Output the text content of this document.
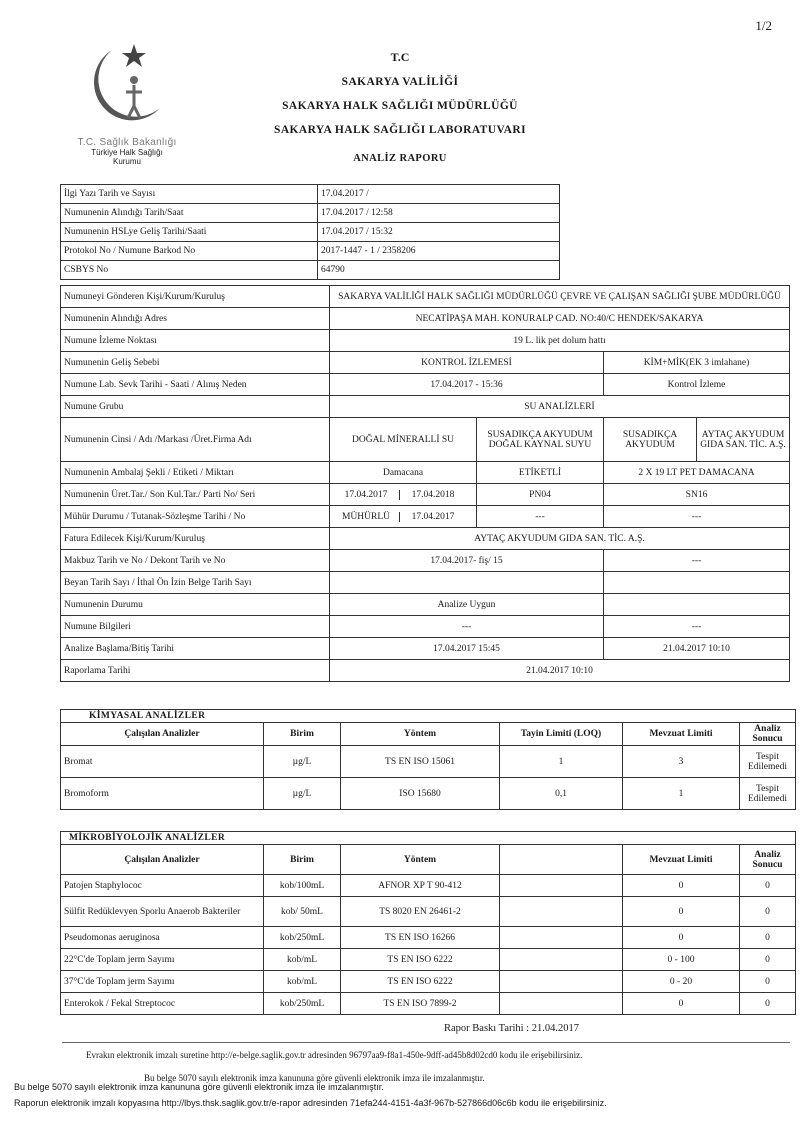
1/2
T.C. Sağlık Bakanlığı
Türkiye Halk Sağlığı
Kurumu
T.C
SAKARYA VALİLİĞİ
SAKARYA HALK SAĞLIĞI MÜDÜRLÜĞÜ
SAKARYA HALK SAĞLIĞI LABORATUVARI
ANALİZ RAPORU
İlgi Yazı Tarih ve Sayısı	17.04.2017 /
Numunenin Alındığı Tarih/Saat	17.04.2017 / 12:58
Numunenin HSLye Geliş Tarihi/Saati	17.04.2017 / 15:32
Protokol No / Numune Barkod No	2017-1447 - 1 / 2358206
CSBYS No	64790
Numuneyi Gönderen Kişi/Kurum/Kuruluş	SAKARYA VALİLİĞİ HALK SAĞLIĞI MÜDÜRLÜĞÜ ÇEVRE VE ÇALIŞAN SAĞLIĞI ŞUBE MÜDÜRLÜĞÜ			
Numunenin Alındığı Adres	NECATİPAŞA MAH. KONURALP CAD. NO:40/C HENDEK/SAKARYA			
Numune İzleme Noktası	19 L. lik pet dolum hattı			
Numunenin Geliş Sebebi	KONTROL İZLEMESİ		KİM+MİK(EK 3 imlahane)	
Numune Lab. Sevk Tarihi - Saati / Alınış Neden	17.04.2017 - 15:36		Kontrol İzleme	
Numune Grubu	SU ANALİZLERİ			
Numunenin Cinsi / Adı /Markası /Üret.Firma Adı	DOĞAL MİNERALLİ SU	SUSADIKÇA AKYUDUM DOĞAL KAYNAL SUYU	SUSADIKÇA AKYUDUM	AYTAÇ AKYUDUM GIDA SAN. TİC. A.Ş.
Numunenin Ambalaj Şekli / Etiketi / Miktarı	Damacana	ETİKETLİ	2 X 19 LT PET DAMACANA	
Numunenin Üret.Tar./ Son Kul.Tar./ Parti No/ Seri	17.04.2017 17.04.2018	PN04	SN16	
Mühür Durumu / Tutanak-Sözleşme Tarihi / No	MÜHÜRLÜ 17.04.2017	---	---	
Fatura Edilecek Kişi/Kurum/Kuruluş	AYTAÇ AKYUDUM GIDA SAN. TİC. A.Ş.			
Makbuz Tarih ve No / Dekont Tarih ve No	17.04.2017- fiş/ 15		---	
Beyan Tarih Sayı / İthal Ön İzin Belge Tarih Sayı				
Numunenin Durumu	Analize Uygun			
Numune Bilgileri	---		---	
Analize Başlama/Bitiş Tarihi	17.04.2017 15:45		21.04.2017 10:10	
Raporlama Tarihi	21.04.2017 10:10			
KİMYASAL ANALİZLER					
Çalışılan Analizler	Birim	Yöntem	Tayin Limiti (LOQ)	Mevzuat Limiti	Analiz Sonucu
Bromat	µg/L	TS EN ISO 15061	1	3	Tespit Edilemedi
Bromoform	µg/L	ISO 15680	0,1	1	Tespit Edilemedi
MİKROBİYOLOJİK ANALİZLER					
Çalışılan Analizler	Birim	Yöntem		Mevzuat Limiti	Analiz Sonucu
Patojen Staphylococ	kob/100mL	AFNOR XP T 90-412		0	0
Sülfit Redüklevyen Sporlu Anaerob Bakteriler	kob/ 50mL	TS 8020 EN 26461-2		0	0
Pseudomonas aeruginosa	kob/250mL	TS EN ISO 16266		0	0
22°C'de Toplam jerm Sayımı	kob/mL	TS EN ISO 6222		0 - 100	0
37°C'de Toplam jerm Sayımı	kob/mL	TS EN ISO 6222		0 - 20	0
Enterokok / Fekal Streptococ	kob/250mL	TS EN ISO 7899-2		0	0
Rapor Baskı Tarihi : 21.04.2017
Evrakın elektronik imzalı suretine http://e-belge.saglik.gov.tr adresinden 96797aa9-f8a1-450e-9dff-ad45b8d02cd0 kodu ile erişebilirsiniz.
Bu belge 5070 sayılı elektronik imza kanununa göre güvenli elektronik imza ile imzalanmıştır.
Bu belge 5070 sayılı elektronik imza kanununa göre güvenli elektronik imza ile imzalanmıştır.
Raporun elektronik imzalı kopyasına http://lbys.thsk.saglik.gov.tr/e-rapor adresinden 71efa244-4151-4a3f-967b-527866d06c6b kodu ile erişebilirsiniz.
